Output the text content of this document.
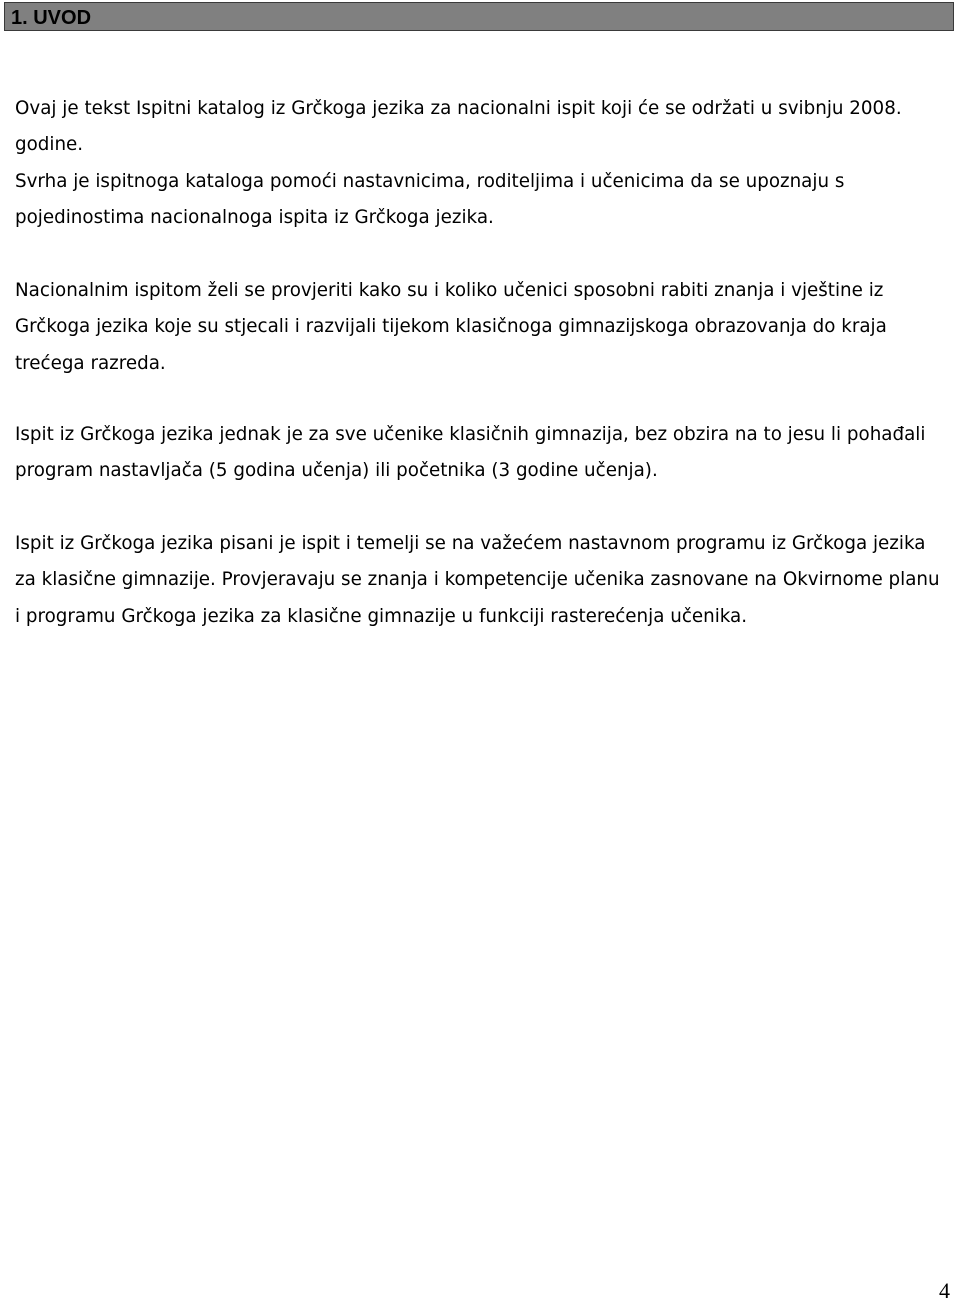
1. UVOD

Ovaj je tekst Ispitni katalog iz Grčkoga jezika za nacionalni ispit koji će se održati u svibnju 2008. godine.

Svrha je ispitnoga kataloga pomoći nastavnicima, roditeljima i učenicima da se upoznaju s pojedinostima nacionalnoga ispita iz Grčkoga jezika.

Nacionalnim ispitom želi se provjeriti kako su i koliko učenici sposobni rabiti znanja i vještine iz Grčkoga jezika koje su stjecali i razvijali tijekom klasičnoga gimnazijskoga obrazovanja do kraja trećega razreda.

Ispit iz Grčkoga jezika jednak je za sve učenike klasičnih gimnazija, bez obzira na to jesu li pohađali program nastavljača (5 godina učenja) ili početnika (3 godine učenja).

Ispit iz Grčkoga jezika pisani je ispit i temelji se na važećem nastavnom programu iz Grčkoga jezika za klasične gimnazije. Provjeravaju se znanja i kompetencije učenika zasnovane na Okvirnome planu i programu Grčkoga jezika za klasične gimnazije u funkciji rasterećenja učenika.

4
